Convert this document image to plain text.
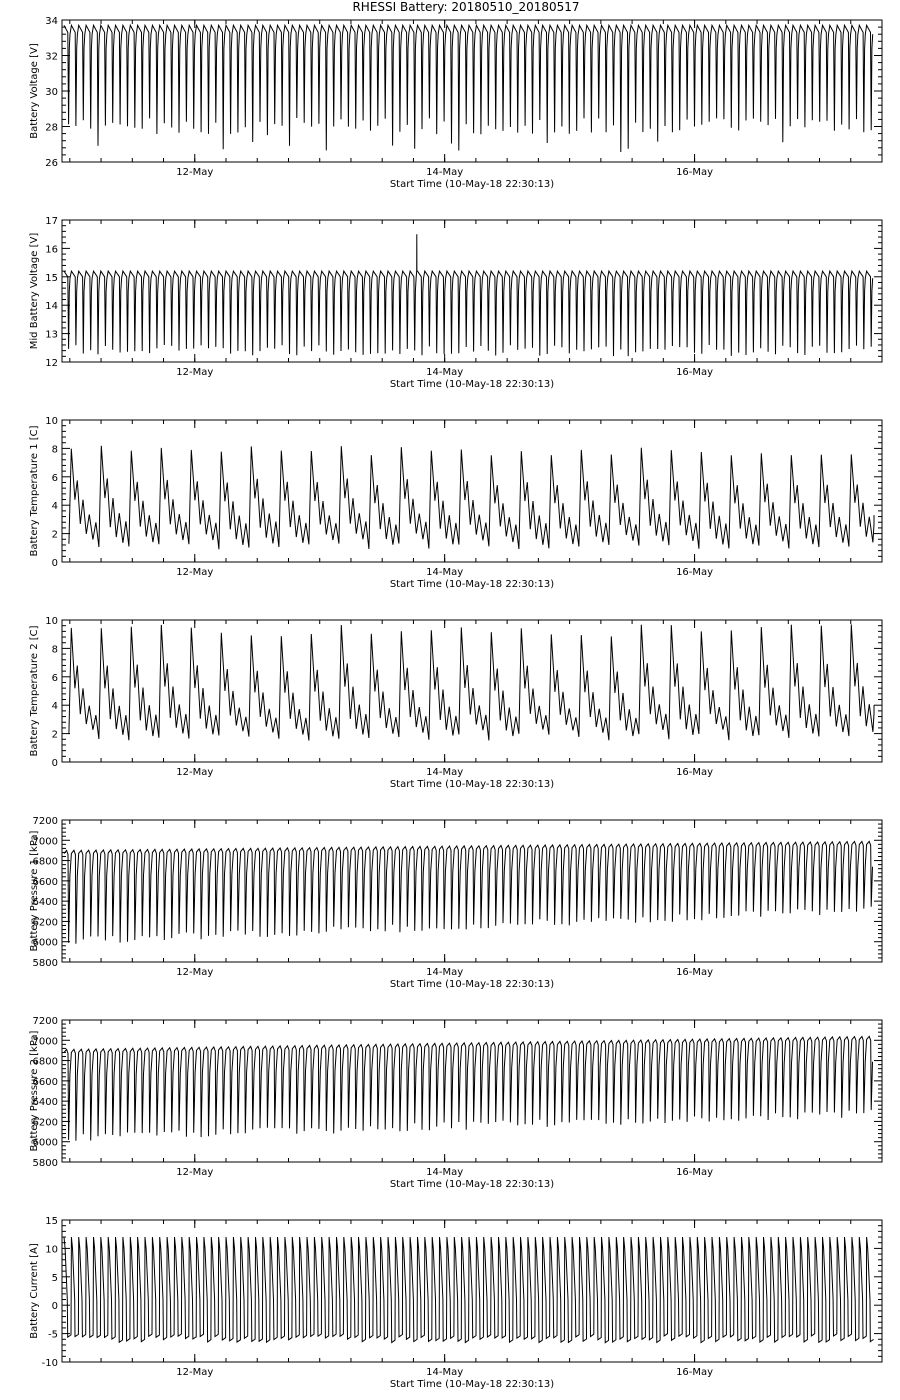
RHESSI Battery: 20180510_20180517
26
28
30
32
34
12-May	14-May	16-May
Start Time (10-May-18 22:30:13)
Battery Voltage [V]
12
13
14
15
16
17
12-May	14-May	16-May
Start Time (10-May-18 22:30:13)
Mid Battery Voltage [V]
0
2
4
6
8
10
12-May	14-May	16-May
Start Time (10-May-18 22:30:13)
Battery Temperature 1 [C]
0
2
4
6
8
10
12-May	14-May	16-May
Start Time (10-May-18 22:30:13)
Battery Temperature 2 [C]
5800
6000
6200
6400
6600
6800
7000
7200
12-May	14-May	16-May
Start Time (10-May-18 22:30:13)
Battery Pressure 1 [kPa]
5800
6000
6200
6400
6600
6800
7000
7200
12-May	14-May	16-May
Start Time (10-May-18 22:30:13)
Battery Pressure 2 [kPa]
-10
-5
0
5
10
15
12-May	14-May	16-May
Start Time (10-May-18 22:30:13)
Battery Current [A]
